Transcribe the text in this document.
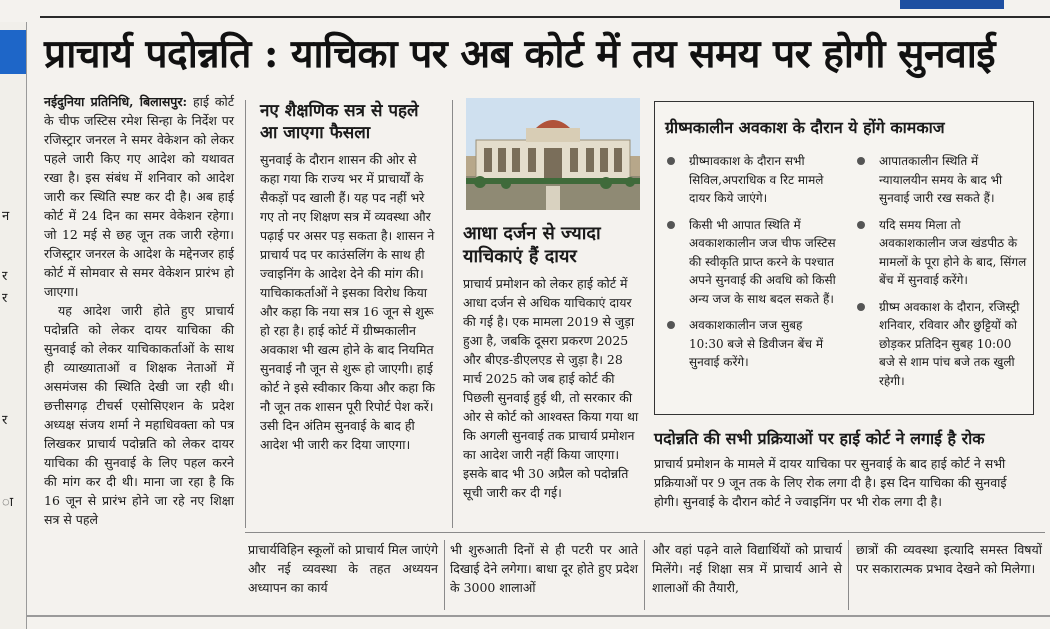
न
र
र
र
ा
प्राचार्य पदोन्नति : याचिका पर अब कोर्ट में तय समय पर होगी सुनवाई

नईदुनिया प्रतिनिधि, बिलासपुर: हाई कोर्ट के चीफ जस्टिस रमेश सिन्हा के निर्देश पर रजिस्ट्रार जनरल ने समर वेकेशन को लेकर पहले जारी किए गए आदेश को यथावत रखा है। इस संबंध में शनिवार को आदेश जारी कर स्थिति स्पष्ट कर दी है। अब हाई कोर्ट में 24 दिन का समर वेकेशन रहेगा। जो 12 मई से छह जून तक जारी रहेगा। रजिस्ट्रार जनरल के आदेश के मद्देनजर हाई कोर्ट में सोमवार से समर वेकेशन प्रारंभ हो जाएगा।

यह आदेश जारी होते हुए प्राचार्य पदोन्नति को लेकर दायर याचिका की सुनवाई को लेकर याचिकाकर्ताओं के साथ ही व्याख्याताओं व शिक्षक नेताओं में असमंजस की स्थिति देखी जा रही थी। छत्तीसगढ़ टीचर्स एसोसिएशन के प्रदेश अध्यक्ष संजय शर्मा ने महाधिवक्ता को पत्र लिखकर प्राचार्य पदोन्नति को लेकर दायर याचिका की सुनवाई के लिए पहल करने की मांग कर दी थी। माना जा रहा है कि 16 जून से प्रारंभ होने जा रहे नए शिक्षा सत्र से पहले

नए शैक्षणिक सत्र से पहले आ जाएगा फैसला

सुनवाई के दौरान शासन की ओर से कहा गया कि राज्य भर में प्राचार्यों के सैकड़ों पद खाली हैं। यह पद नहीं भरे गए तो नए शिक्षण सत्र में व्यवस्था और पढ़ाई पर असर पड़ सकता है। शासन ने प्राचार्य पद पर काउंसलिंग के साथ ही ज्वाइनिंग के आदेश देने की मांग की। याचिकाकर्ताओं ने इसका विरोध किया और कहा कि नया सत्र 16 जून से शुरू हो रहा है। हाई कोर्ट में ग्रीष्मकालीन अवकाश भी खत्म होने के बाद नियमित सुनवाई नौ जून से शुरू हो जाएगी। हाई कोर्ट ने इसे स्वीकार किया और कहा कि नौ जून तक शासन पूरी रिपोर्ट पेश करें। उसी दिन अंतिम सुनवाई के बाद ही आदेश भी जारी कर दिया जाएगा।

आधा दर्जन से ज्यादा याचिकाएं हैं दायर

प्राचार्य प्रमोशन को लेकर हाई कोर्ट में आधा दर्जन से अधिक याचिकाएं दायर की गई है। एक मामला 2019 से जुड़ा हुआ है, जबकि दूसरा प्रकरण 2025 और बीएड-डीएलएड से जुड़ा है। 28 मार्च 2025 को जब हाई कोर्ट की पिछली सुनवाई हुई थी, तो सरकार की ओर से कोर्ट को आश्वस्त किया गया था कि अगली सुनवाई तक प्राचार्य प्रमोशन का आदेश जारी नहीं किया जाएगा। इसके बाद भी 30 अप्रैल को पदोन्नति सूची जारी कर दी गई।

ग्रीष्मकालीन अवकाश के दौरान ये होंगे कामकाज
ग्रीष्मावकाश के दौरान सभी सिविल,अपराधिक व रिट मामले दायर किये जाएंगे।
किसी भी आपात स्थिति में अवकाशकालीन जज चीफ जस्टिस की स्वीकृति प्राप्त करने के पश्चात अपने सुनवाई की अवधि को किसी अन्य जज के साथ बदल सकते हैं।
अवकाशकालीन जज सुबह 10:30 बजे से डिवीजन बेंच में सुनवाई करेंगे।
आपातकालीन स्थिति में न्यायालयीन समय के बाद भी सुनवाई जारी रख सकते हैं।
यदि समय मिला तो अवकाशकालीन जज खंडपीठ के मामलों के पूरा होने के बाद, सिंगल बेंच में सुनवाई करेंगे।
ग्रीष्म अवकाश के दौरान, रजिस्ट्री शनिवार, रविवार और छुट्टियों को छोड़कर प्रतिदिन सुबह 10:00 बजे से शाम पांच बजे तक खुली रहेगी।
पदोन्नति की सभी प्रक्रियाओं पर हाई कोर्ट ने लगाई है रोक

प्राचार्य प्रमोशन के मामले में दायर याचिका पर सुनवाई के बाद हाई कोर्ट ने सभी प्रक्रियाओं पर 9 जून तक के लिए रोक लगा दी है। इस दिन याचिका की सुनवाई होगी। सुनवाई के दौरान कोर्ट ने ज्वाइनिंग पर भी रोक लगा दी है।

प्राचार्यविहिन स्कूलों को प्राचार्य मिल जाएंगे और नई व्यवस्था के तहत अध्ययन अध्यापन का कार्य

भी शुरुआती दिनों से ही पटरी पर आते दिखाई देने लगेगा। बाधा दूर होते हुए प्रदेश के 3000 शालाओं

और वहां पढ़ने वाले विद्यार्थियों को प्राचार्य मिलेंगे। नई शिक्षा सत्र में प्राचार्य आने से शालाओं की तैयारी,

छात्रों की व्यवस्था इत्यादि समस्त विषयों पर सकारात्मक प्रभाव देखने को मिलेगा।
